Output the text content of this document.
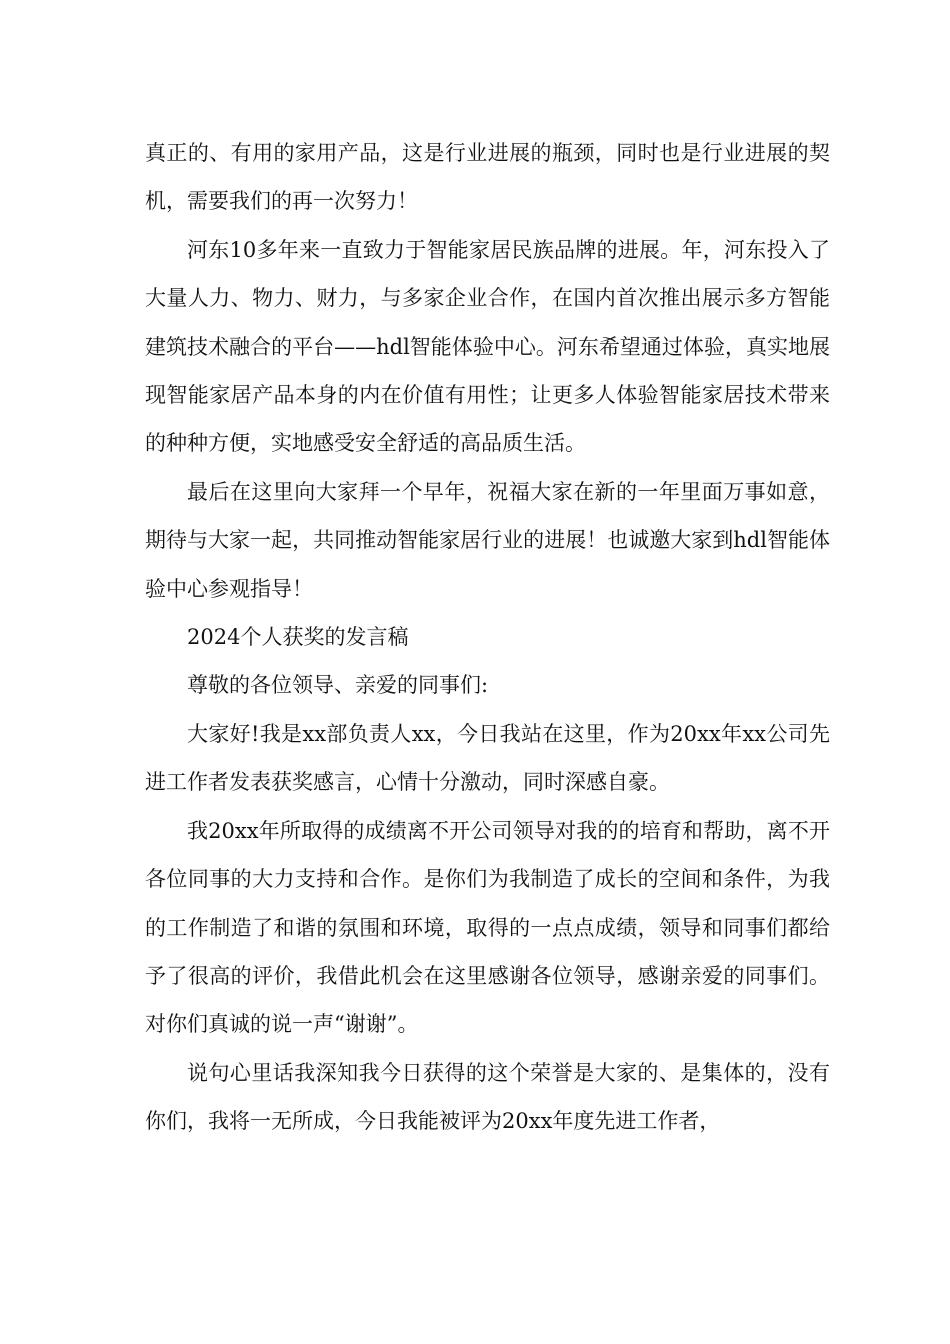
真正的、有用的家用产品，这是行业进展的瓶颈，同时也是行业进展的契机，需要我们的再一次努力！

河东10多年来一直致力于智能家居民族品牌的进展。年，河东投入了大量人力、物力、财力，与多家企业合作，在国内首次推出展示多方智能建筑技术融合的平台——hdl智能体验中心。河东希望通过体验，真实地展现智能家居产品本身的内在价值有用性；让更多人体验智能家居技术带来的种种方便，实地感受安全舒适的高品质生活。

最后在这里向大家拜一个早年，祝福大家在新的一年里面万事如意，期待与大家一起，共同推动智能家居行业的进展！也诚邀大家到hdl智能体验中心参观指导！

2024个人获奖的发言稿

尊敬的各位领导、亲爱的同事们:

大家好!我是xx部负责人xx，今日我站在这里，作为20xx年xx公司先进工作者发表获奖感言，心情十分激动，同时深感自豪。

我20xx年所取得的成绩离不开公司领导对我的的培育和帮助，离不开各位同事的大力支持和合作。是你们为我制造了成长的空间和条件，为我的工作制造了和谐的氛围和环境，取得的一点点成绩，领导和同事们都给予了很高的评价，我借此机会在这里感谢各位领导，感谢亲爱的同事们。对你们真诚的说一声“谢谢”。

说句心里话我深知我今日获得的这个荣誉是大家的、是集体的，没有你们，我将一无所成，今日我能被评为20xx年度先进工作者，
